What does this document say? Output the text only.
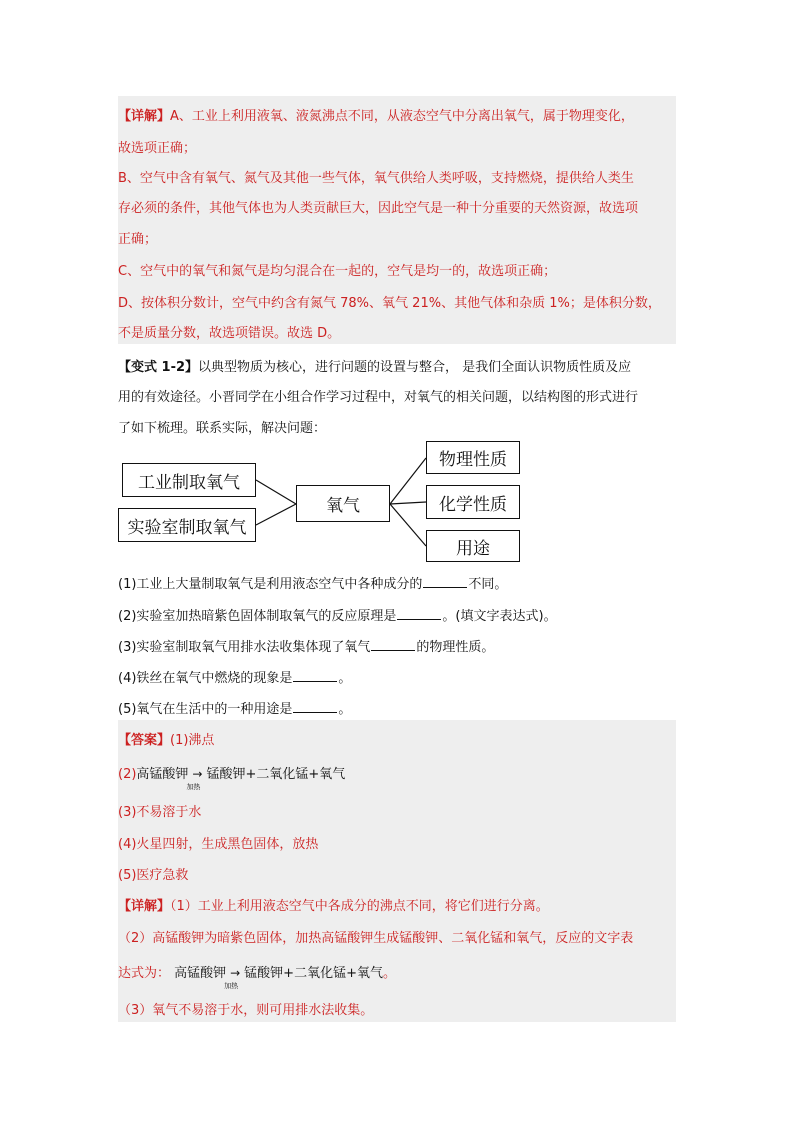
【详解】A、工业上利用液氧、液氮沸点不同，从液态空气中分离出氧气，属于物理变化，
故选项正确；
B、空气中含有氧气、氮气及其他一些气体，氧气供给人类呼吸，支持燃烧，提供给人类生
存必须的条件，其他气体也为人类贡献巨大，因此空气是一种十分重要的天然资源，故选项
正确；
C、空气中的氧气和氮气是均匀混合在一起的，空气是均一的，故选项正确；
D、按体积分数计，空气中约含有氮气 78%、氧气 21%、其他气体和杂质 1%；是体积分数，
不是质量分数，故选项错误。故选 D。
【变式 1-2】以典型物质为核心，进行问题的设置与整合， 是我们全面认识物质性质及应
用的有效途径。小晋同学在小组合作学习过程中，对氧气的相关问题，以结构图的形式进行
了如下梳理。联系实际，解决问题：
工业制取氧气
实验室制取氧气
氧气
物理性质
化学性质
用途
(1)工业上大量制取氧气是利用液态空气中各种成分的	不同。
(2)实验室加热暗紫色固体制取氧气的反应原理是	。(填文字表达式)。
(3)实验室制取氧气用排水法收集体现了氧气	的物理性质。
(4)铁丝在氧气中燃烧的现象是	。
(5)氧气在生活中的一种用途是	。
【答案】(1)沸点
(2)高锰酸钾 →
加热
锰酸钾+二氧化锰+氧气
(3)不易溶于水
(4)火星四射，生成黑色固体，放热
(5)医疗急救
【详解】（1）工业上利用液态空气中各成分的沸点不同，将它们进行分离。
（2）高锰酸钾为暗紫色固体，加热高锰酸钾生成锰酸钾、二氧化锰和氧气，反应的文字表
达式为： 高锰酸钾 →
加热
锰酸钾+二氧化锰+氧气。
（3）氧气不易溶于水，则可用排水法收集。
